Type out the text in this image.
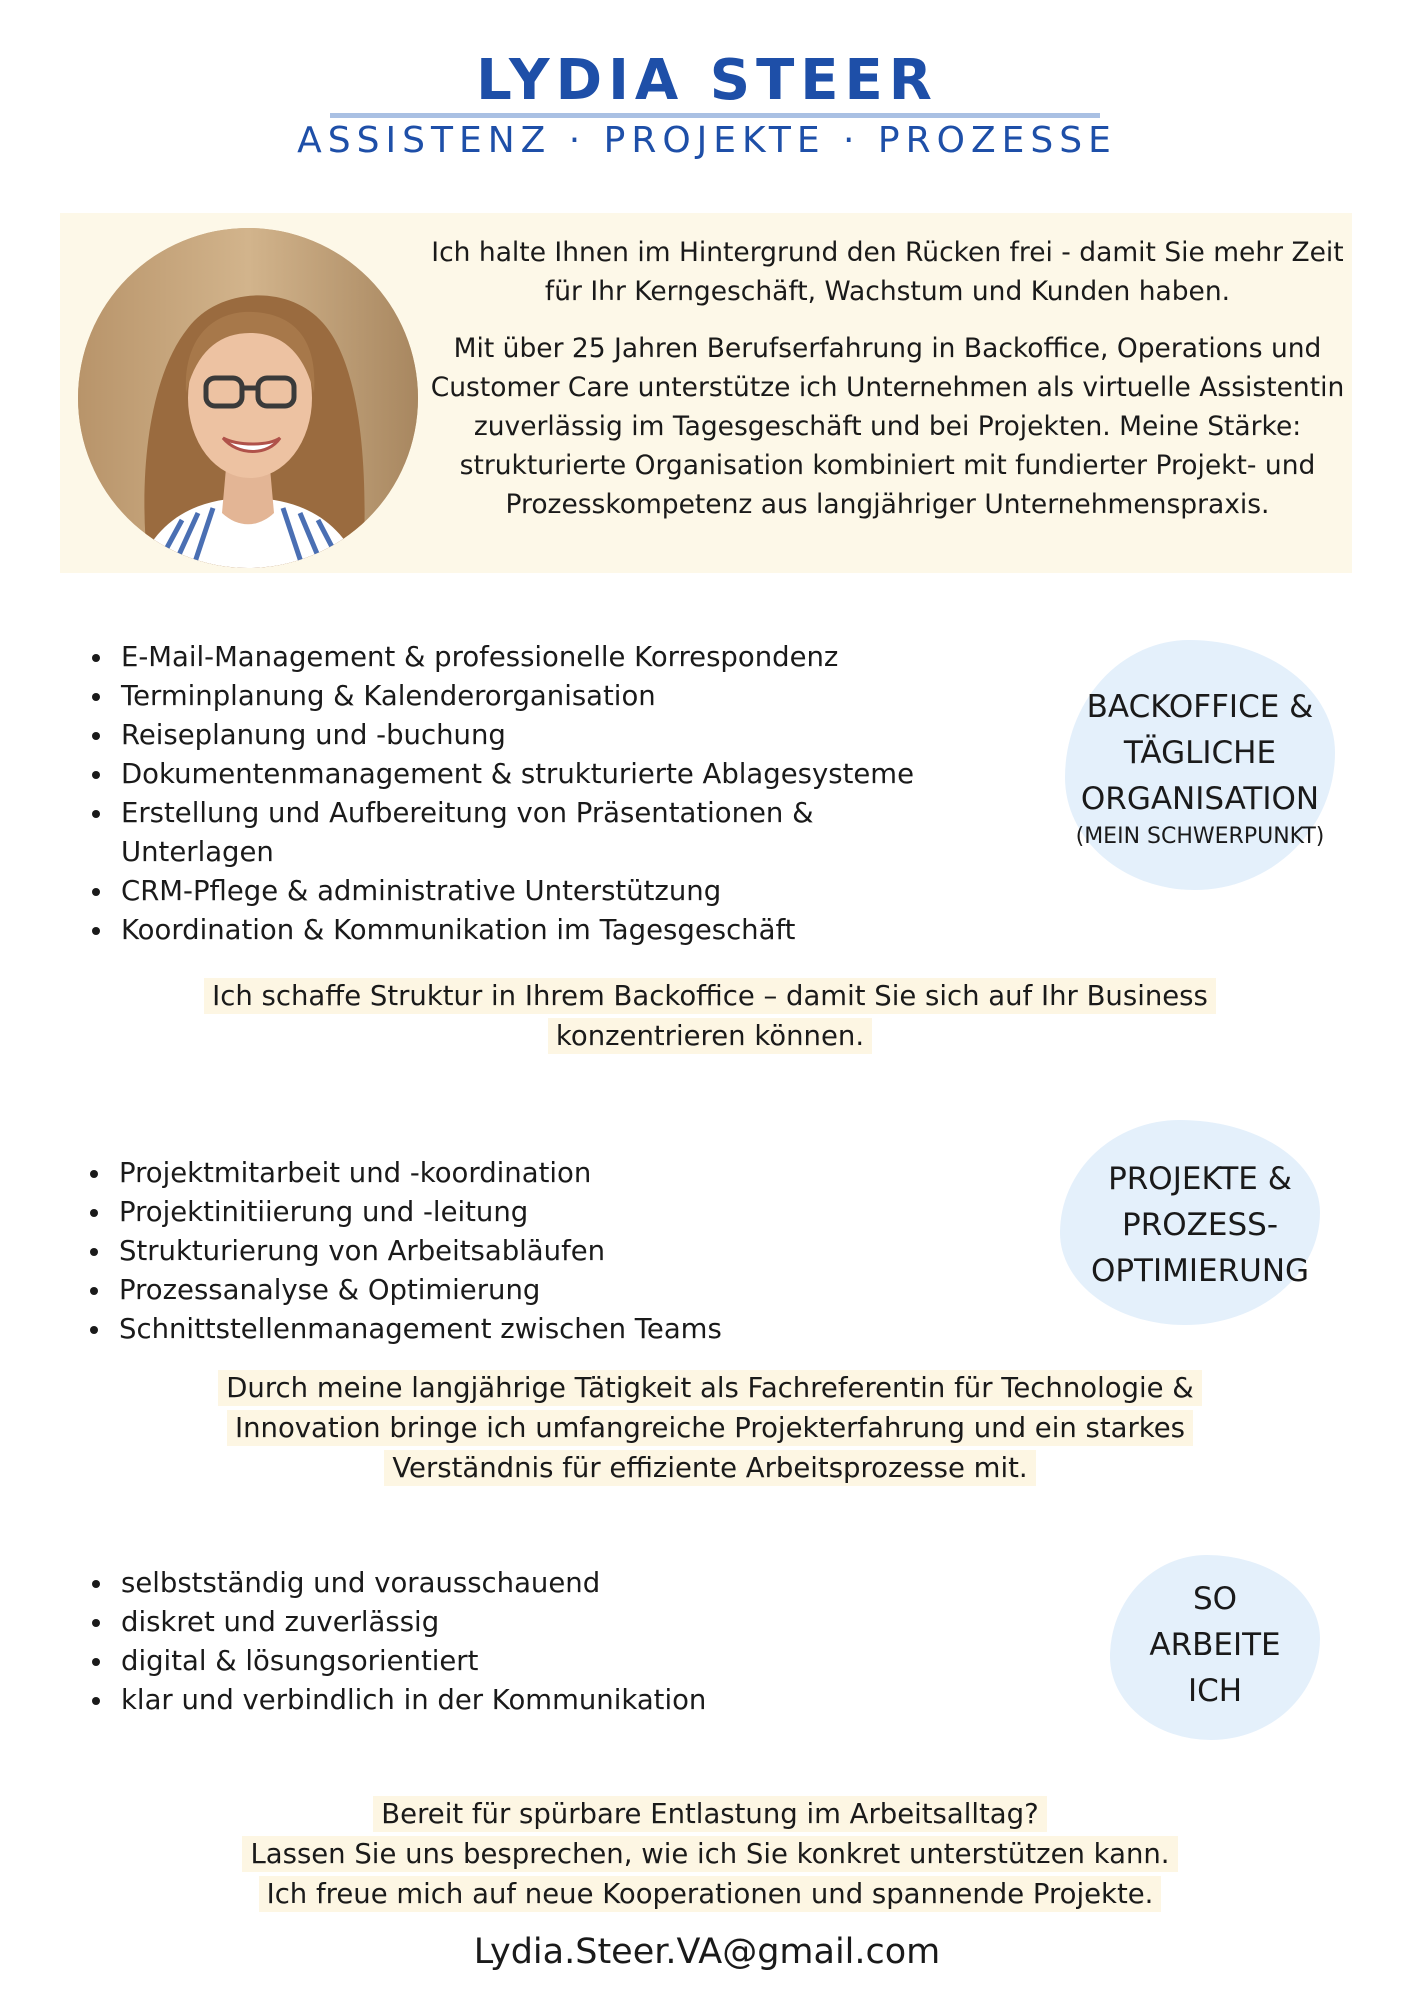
LYDIA STEER
ASSISTENZ · PROJEKTE · PROZESSE

Ich halte Ihnen im Hintergrund den Rücken frei - damit Sie mehr Zeit für Ihr Kerngeschäft, Wachstum und Kunden haben.

Mit über 25 Jahren Berufserfahrung in Backoffice, Operations und Customer Care unterstütze ich Unternehmen als virtuelle Assistentin zuverlässig im Tagesgeschäft und bei Projekten. Meine Stärke: strukturierte Organisation kombiniert mit fundierter Projekt- und Prozesskompetenz aus langjähriger Unternehmenspraxis.

• E-Mail-Management & professionelle Korrespondenz
• Terminplanung & Kalenderorganisation
• Reiseplanung und -buchung
• Dokumentenmanagement & strukturierte Ablagesysteme
• Erstellung und Aufbereitung von Präsentationen & Unterlagen
• CRM-Pflege & administrative Unterstützung
• Koordination & Kommunikation im Tagesgeschäft
BACKOFFICE &
TÄGLICHE
ORGANISATION
(MEIN SCHWERPUNKT)
Ich schaffe Struktur in Ihrem Backoffice – damit Sie sich auf Ihr Business konzentrieren können.
• Projektmitarbeit und -koordination
• Projektinitiierung und -leitung
• Strukturierung von Arbeitsabläufen
• Prozessanalyse & Optimierung
• Schnittstellenmanagement zwischen Teams
PROJEKTE &
PROZESS-
OPTIMIERUNG
Durch meine langjährige Tätigkeit als Fachreferentin für Technologie & Innovation bringe ich umfangreiche Projekterfahrung und ein starkes Verständnis für effiziente Arbeitsprozesse mit.
• selbstständig und vorausschauend
• diskret und zuverlässig
• digital & lösungsorientiert
• klar und verbindlich in der Kommunikation
SO
ARBEITE
ICH
Bereit für spürbare Entlastung im Arbeitsalltag?
Lassen Sie uns besprechen, wie ich Sie konkret unterstützen kann.
Ich freue mich auf neue Kooperationen und spannende Projekte.
Lydia.Steer.VA@gmail.com
